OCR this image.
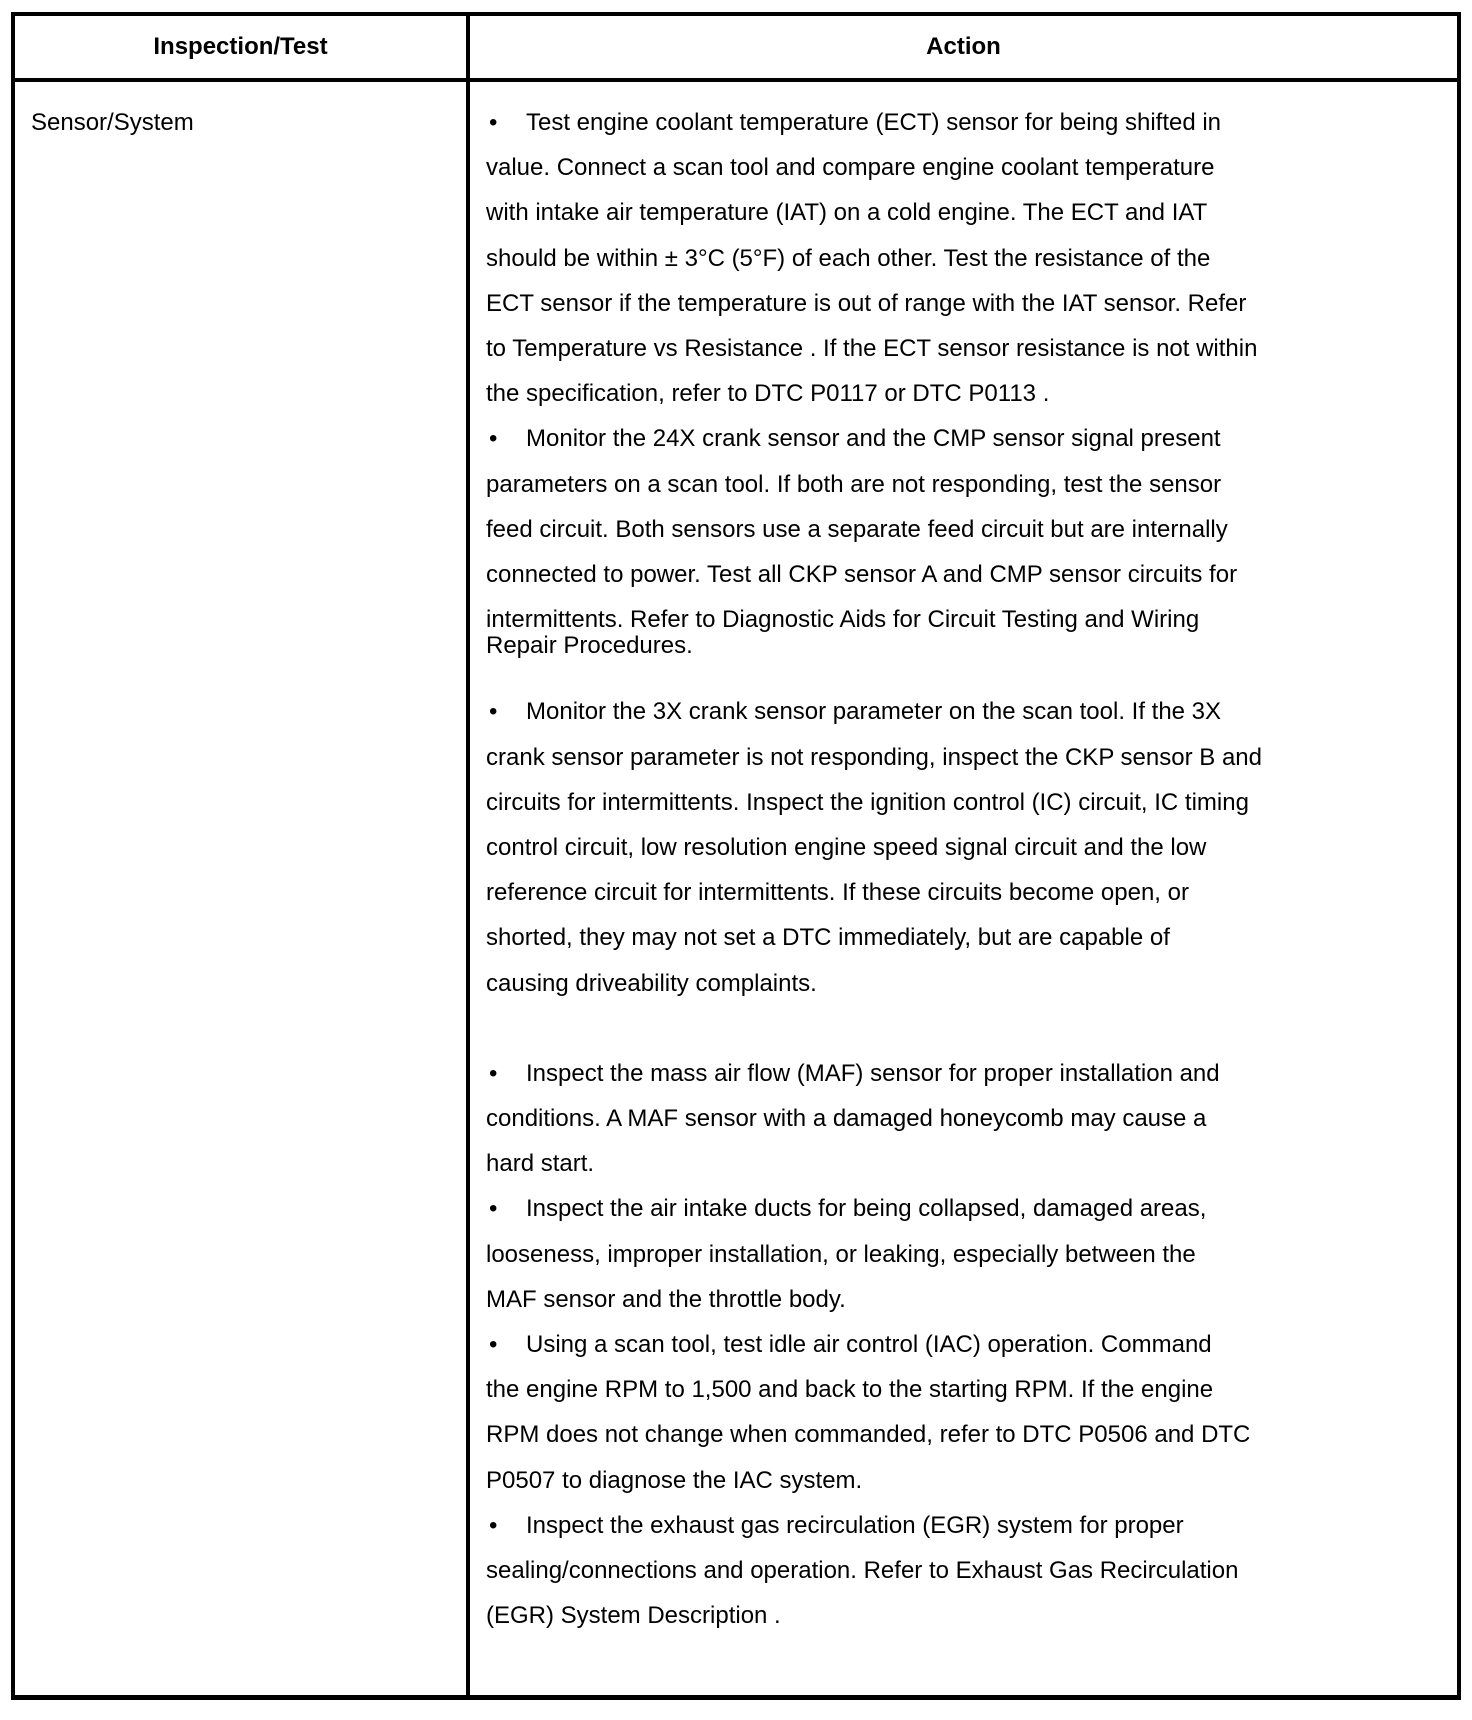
Inspection/Test	Action
Sensor/System	• Test engine coolant temperature (ECT) sensor for being shifted in
value. Connect a scan tool and compare engine coolant temperature
with intake air temperature (IAT) on a cold engine. The ECT and IAT
should be within ± 3°C (5°F) of each other. Test the resistance of the
ECT sensor if the temperature is out of range with the IAT sensor. Refer
to Temperature vs Resistance . If the ECT sensor resistance is not within
the specification, refer to DTC P0117 or DTC P0113 .
• Monitor the 24X crank sensor and the CMP sensor signal present
parameters on a scan tool. If both are not responding, test the sensor
feed circuit. Both sensors use a separate feed circuit but are internally
connected to power. Test all CKP sensor A and CMP sensor circuits for
intermittents. Refer to Diagnostic Aids for Circuit Testing and Wiring
Repair Procedures.
• Monitor the 3X crank sensor parameter on the scan tool. If the 3X
crank sensor parameter is not responding, inspect the CKP sensor B and
circuits for intermittents. Inspect the ignition control (IC) circuit, IC timing
control circuit, low resolution engine speed signal circuit and the low
reference circuit for intermittents. If these circuits become open, or
shorted, they may not set a DTC immediately, but are capable of
causing driveability complaints.
• Inspect the mass air flow (MAF) sensor for proper installation and
conditions. A MAF sensor with a damaged honeycomb may cause a
hard start.
• Inspect the air intake ducts for being collapsed, damaged areas,
looseness, improper installation, or leaking, especially between the
MAF sensor and the throttle body.
• Using a scan tool, test idle air control (IAC) operation. Command
the engine RPM to 1,500 and back to the starting RPM. If the engine
RPM does not change when commanded, refer to DTC P0506 and DTC
P0507 to diagnose the IAC system.
• Inspect the exhaust gas recirculation (EGR) system for proper
sealing/connections and operation. Refer to Exhaust Gas Recirculation
(EGR) System Description .
